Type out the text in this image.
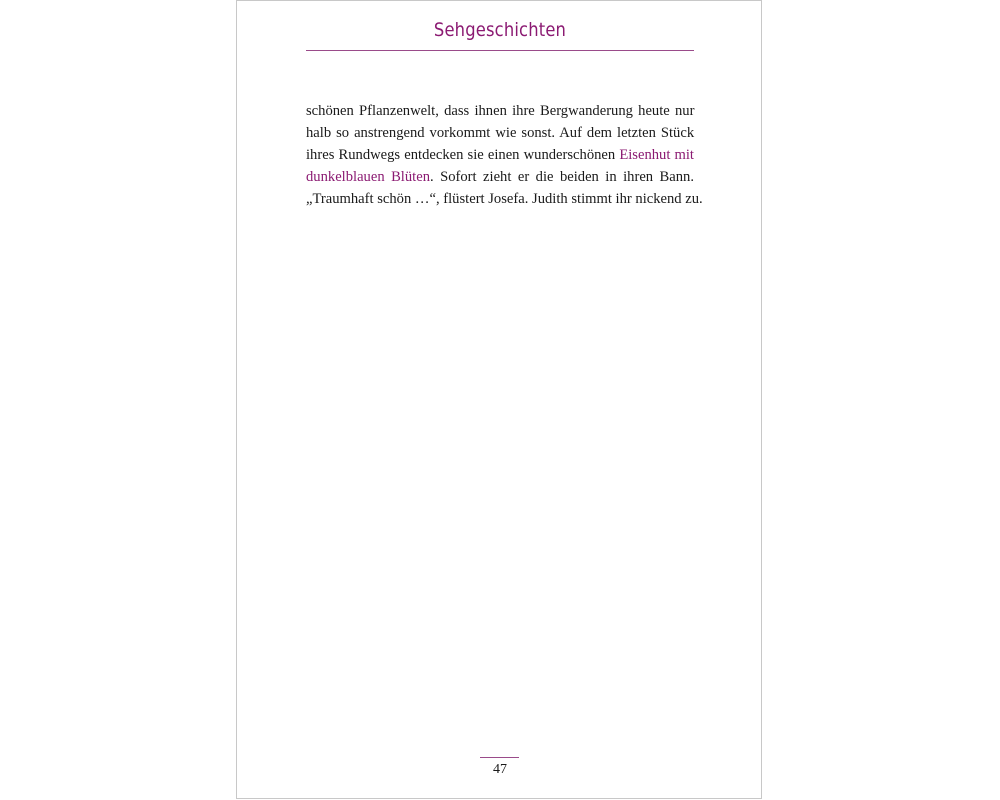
Sehgeschichten
schönen Pflanzenwelt, dass ihnen ihre Bergwanderung heute nur
halb so anstrengend vorkommt wie sonst. Auf dem letzten Stück
ihres Rundwegs entdecken sie einen wunderschönen Eisenhut mit
dunkelblauen Blüten. Sofort zieht er die beiden in ihren Bann.
„Traumhaft schön …“, flüstert Josefa. Judith stimmt ihr nickend zu.
47
